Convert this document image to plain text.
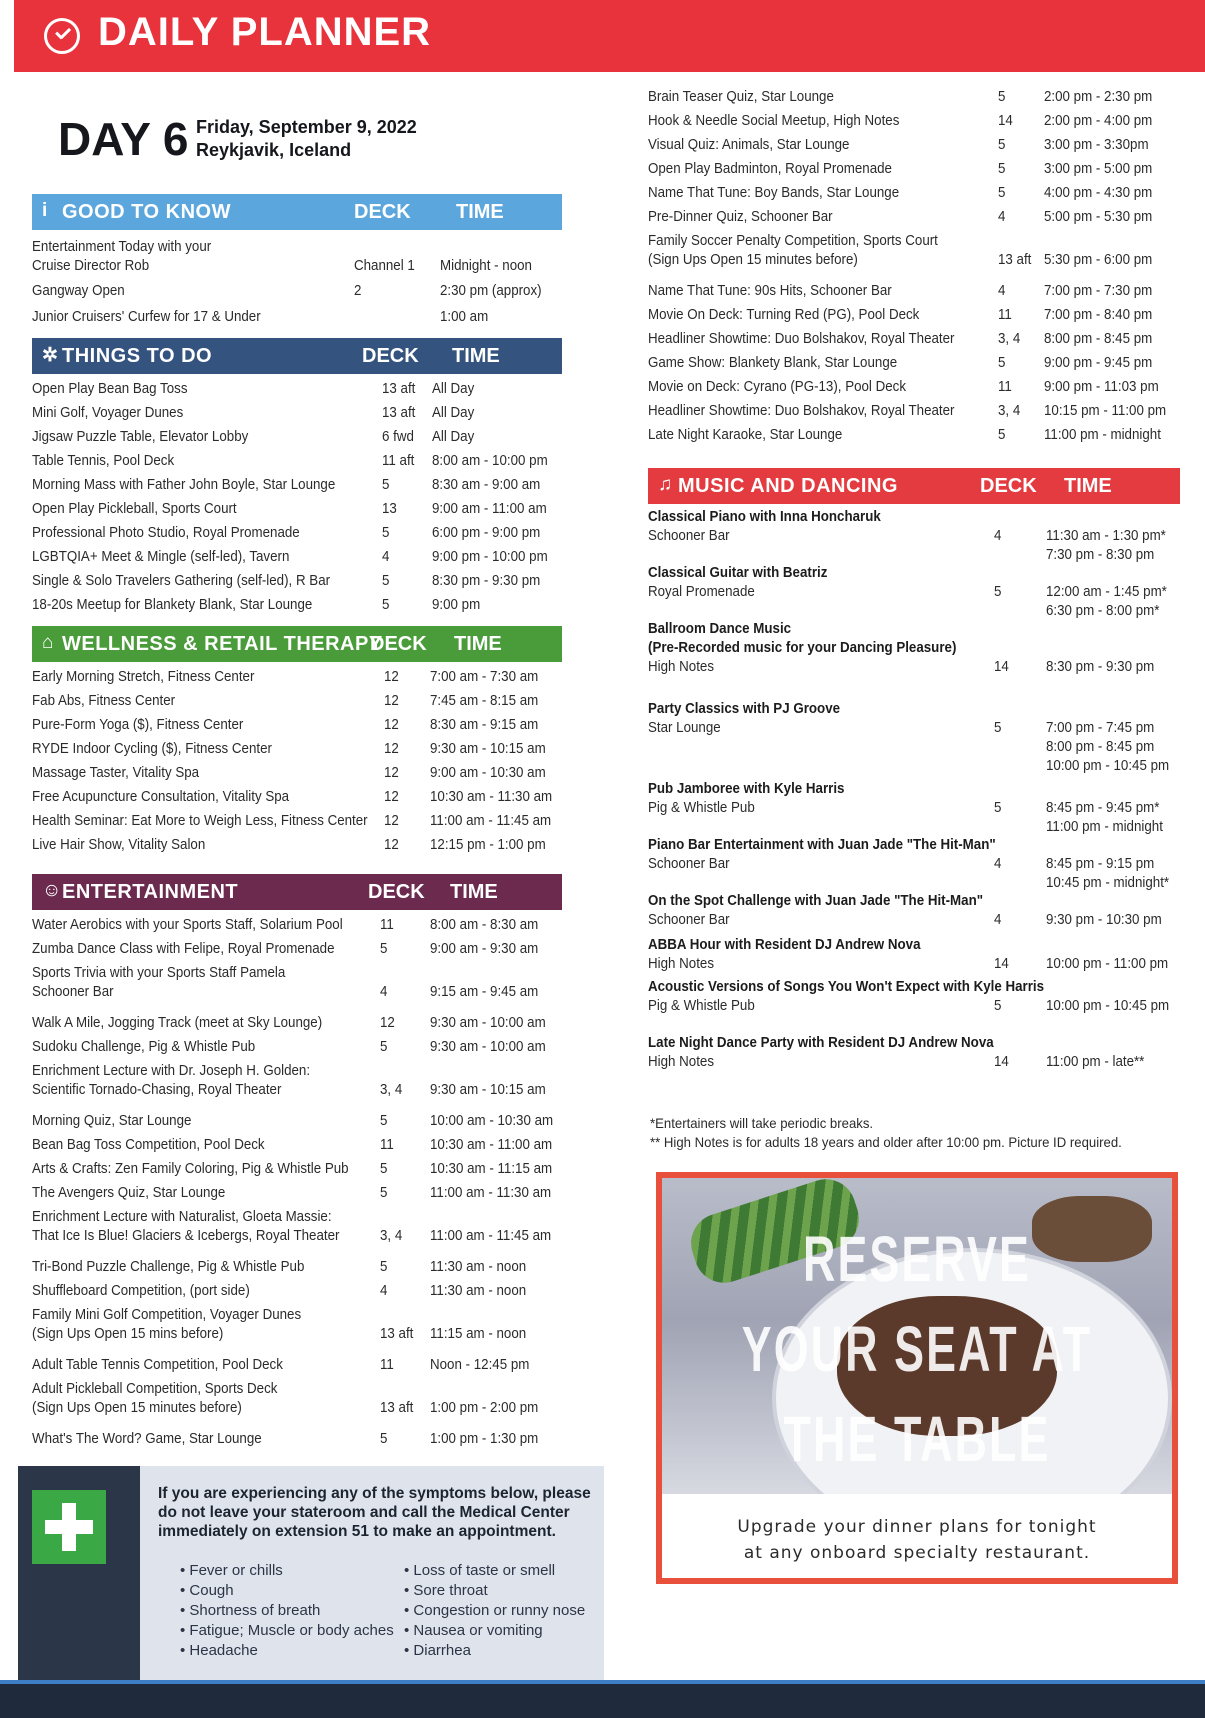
DAILY PLANNER
DAY 6 Friday, September 9, 2022
Reykjavik, Iceland
i GOOD TO KNOW	DECK TIME
Entertainment Today with your
Cruise Director Rob	Channel 1 Midnight - noon
Gangway Open	2	2:30 pm (approx)
Junior Cruisers' Curfew for 17 & Under	1:00 am
✲ THINGS TO DO	DECK TIME
Open Play Bean Bag Toss	13 aft All Day
Mini Golf, Voyager Dunes	13 aft All Day
Jigsaw Puzzle Table, Elevator Lobby	6 fwd All Day
Table Tennis, Pool Deck	11 aft 8:00 am - 10:00 pm
Morning Mass with Father John Boyle, Star Lounge	5	8:30 am - 9:00 am
Open Play Pickleball, Sports Court	13 9:00 am - 11:00 am
Professional Photo Studio, Royal Promenade	5	6:00 pm - 9:00 pm
LGBTQIA+ Meet & Mingle (self-led), Tavern	4	9:00 pm - 10:00 pm
Single & Solo Travelers Gathering (self-led), R Bar	5	8:30 pm - 9:30 pm
18-20s Meetup for Blankety Blank, Star Lounge	5	9:00 pm
⌂ WELLNESS & RETAIL THERAPY
DECK TIME
Early Morning Stretch, Fitness Center	12 7:00 am - 7:30 am
Fab Abs, Fitness Center	12 7:45 am - 8:15 am
Pure-Form Yoga ($), Fitness Center	12 8:30 am - 9:15 am
RYDE Indoor Cycling ($), Fitness Center	12 9:30 am - 10:15 am
Massage Taster, Vitality Spa	12 9:00 am - 10:30 am
Free Acupuncture Consultation, Vitality Spa	12 10:30 am - 11:30 am
Health Seminar: Eat More to Weigh Less, Fitness Center 12 11:00 am - 11:45 am
Live Hair Show, Vitality Salon	12 12:15 pm - 1:00 pm
☺ ENTERTAINMENT	DECK TIME
Water Aerobics with your Sports Staff, Solarium Pool	11 8:00 am - 8:30 am
Zumba Dance Class with Felipe, Royal Promenade	5	9:00 am - 9:30 am
Sports Trivia with your Sports Staff Pamela
Schooner Bar	4	9:15 am - 9:45 am
Walk A Mile, Jogging Track (meet at Sky Lounge)	12 9:30 am - 10:00 am
Sudoku Challenge, Pig & Whistle Pub	5	9:30 am - 10:00 am
Enrichment Lecture with Dr. Joseph H. Golden:
Scientific Tornado-Chasing, Royal Theater	3, 4 9:30 am - 10:15 am
Morning Quiz, Star Lounge	5	10:00 am - 10:30 am
Bean Bag Toss Competition, Pool Deck	11 10:30 am - 11:00 am
Arts & Crafts: Zen Family Coloring, Pig & Whistle Pub 5	10:30 am - 11:15 am
The Avengers Quiz, Star Lounge	5	11:00 am - 11:30 am
Enrichment Lecture with Naturalist, Gloeta Massie:
That Ice Is Blue! Glaciers & Icebergs, Royal Theater	3, 4 11:00 am - 11:45 am
Tri-Bond Puzzle Challenge, Pig & Whistle Pub	5	11:30 am - noon
Shuffleboard Competition, (port side)	4	11:30 am - noon
Family Mini Golf Competition, Voyager Dunes
(Sign Ups Open 15 mins before)	13 aft 11:15 am - noon
Adult Table Tennis Competition, Pool Deck	11 Noon - 12:45 pm
Adult Pickleball Competition, Sports Deck
(Sign Ups Open 15 minutes before)	13 aft 1:00 pm - 2:00 pm
What's The Word? Game, Star Lounge	5	1:00 pm - 1:30 pm
Brain Teaser Quiz, Star Lounge	5	2:00 pm - 2:30 pm
Hook & Needle Social Meetup, High Notes	14 2:00 pm - 4:00 pm
Visual Quiz: Animals, Star Lounge	5	3:00 pm - 3:30pm
Open Play Badminton, Royal Promenade	5	3:00 pm - 5:00 pm
Name That Tune: Boy Bands, Star Lounge	5	4:00 pm - 4:30 pm
Pre-Dinner Quiz, Schooner Bar	4	5:00 pm - 5:30 pm
Family Soccer Penalty Competition, Sports Court
(Sign Ups Open 15 minutes before)	13 aft 5:30 pm - 6:00 pm
Name That Tune: 90s Hits, Schooner Bar	4	7:00 pm - 7:30 pm
Movie On Deck: Turning Red (PG), Pool Deck	11 7:00 pm - 8:40 pm
Headliner Showtime: Duo Bolshakov, Royal Theater	3, 4 8:00 pm - 8:45 pm
Game Show: Blankety Blank, Star Lounge	5	9:00 pm - 9:45 pm
Movie on Deck: Cyrano (PG-13), Pool Deck	11 9:00 pm - 11:03 pm
Headliner Showtime: Duo Bolshakov, Royal Theater	3, 4 10:15 pm - 11:00 pm
Late Night Karaoke, Star Lounge	5	11:00 pm - midnight
♫ MUSIC AND DANCING	DECK TIME
Classical Piano with Inna Honcharuk
Schooner Bar	4	11:30 am - 1:30 pm*
7:30 pm - 8:30 pm
Classical Guitar with Beatriz
Royal Promenade	5	12:00 am - 1:45 pm*
6:30 pm - 8:00 pm*
Ballroom Dance Music
(Pre-Recorded music for your Dancing Pleasure)
High Notes	14	8:30 pm - 9:30 pm
Party Classics with PJ Groove
Star Lounge	5	7:00 pm - 7:45 pm
8:00 pm - 8:45 pm
10:00 pm - 10:45 pm
Pub Jamboree with Kyle Harris
Pig & Whistle Pub	5	8:45 pm - 9:45 pm*
11:00 pm - midnight
Piano Bar Entertainment with Juan Jade "The Hit-Man"
Schooner Bar	4	8:45 pm - 9:15 pm
10:45 pm - midnight*
On the Spot Challenge with Juan Jade "The Hit-Man"
Schooner Bar	4	9:30 pm - 10:30 pm
ABBA Hour with Resident DJ Andrew Nova
High Notes	14	10:00 pm - 11:00 pm
Acoustic Versions of Songs You Won't Expect with Kyle Harris
Pig & Whistle Pub	5	10:00 pm - 10:45 pm
Late Night Dance Party with Resident DJ Andrew Nova
High Notes	14	11:00 pm - late**
*Entertainers will take periodic breaks.
** High Notes is for adults 18 years and older after 10:00 pm. Picture ID required.
If you are experiencing any of the symptoms below, please do not leave your stateroom and call the Medical Center immediately on extension 51 to make an appointment.
• Fever or chills
• Cough
• Shortness of breath
• Fatigue; Muscle or body aches
• Headache
• Loss of taste or smell
• Sore throat
• Congestion or runny nose
• Nausea or vomiting
• Diarrhea
RESERVE
YOUR SEAT AT
THE TABLE
Upgrade your dinner plans for tonight
at any onboard specialty restaurant.
